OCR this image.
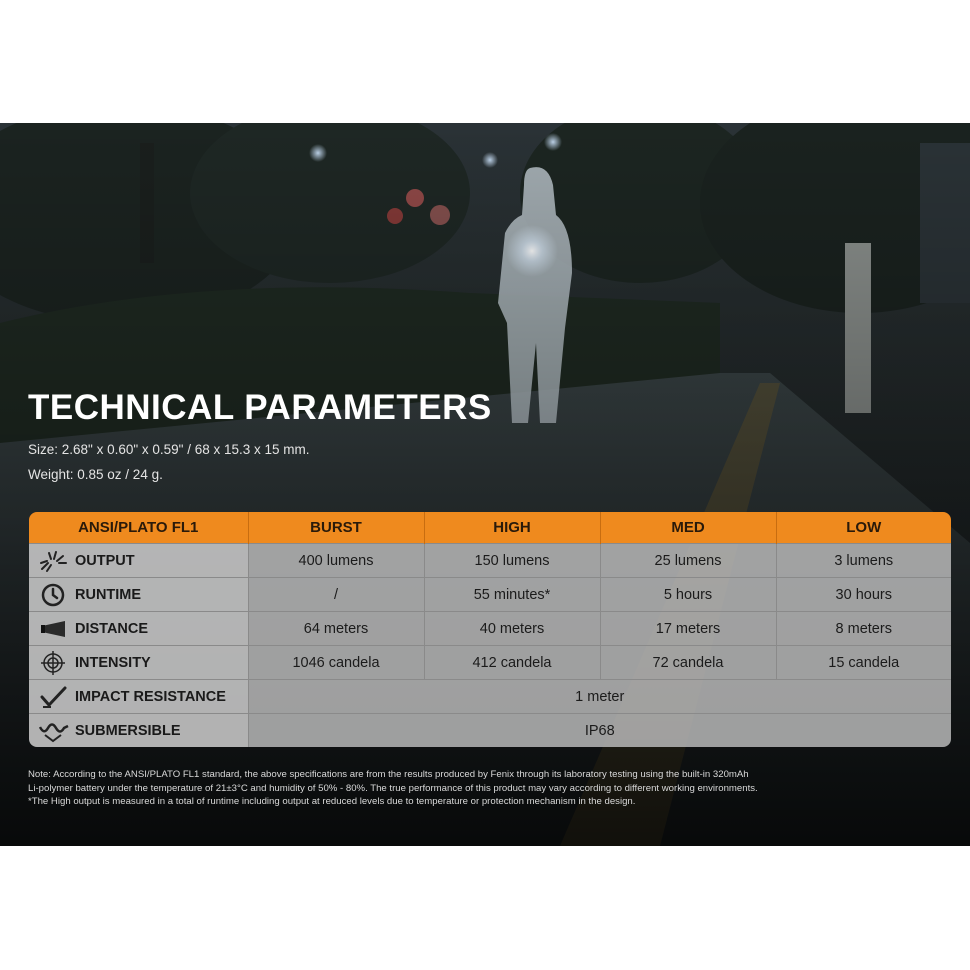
TECHNICAL PARAMETERS
Size: 2.68" x 0.60" x 0.59" / 68 x 15.3 x 15 mm.
Weight: 0.85 oz / 24 g.
ANSI/PLATO FL1	BURST	HIGH	MED	LOW

OUTPUT	400 lumens	150 lumens	25 lumens	3 lumens

RUNTIME	/	55 minutes*	5 hours	30 hours

DISTANCE	64 meters	40 meters	17 meters	8 meters

INTENSITY	1046 candela	412 candela	72 candela	15 candela

IMPACT RESISTANCE	1 meter			

SUBMERSIBLE	IP68			

Note: According to the ANSI/PLATO FL1 standard, the above specifications are from the results produced by Fenix through its laboratory testing using the built-in 320mAh

Li-polymer battery under the temperature of 21±3°C and humidity of 50% - 80%. The true performance of this product may vary according to different working environments.

*The High output is measured in a total of runtime including output at reduced levels due to temperature or protection mechanism in the design.
